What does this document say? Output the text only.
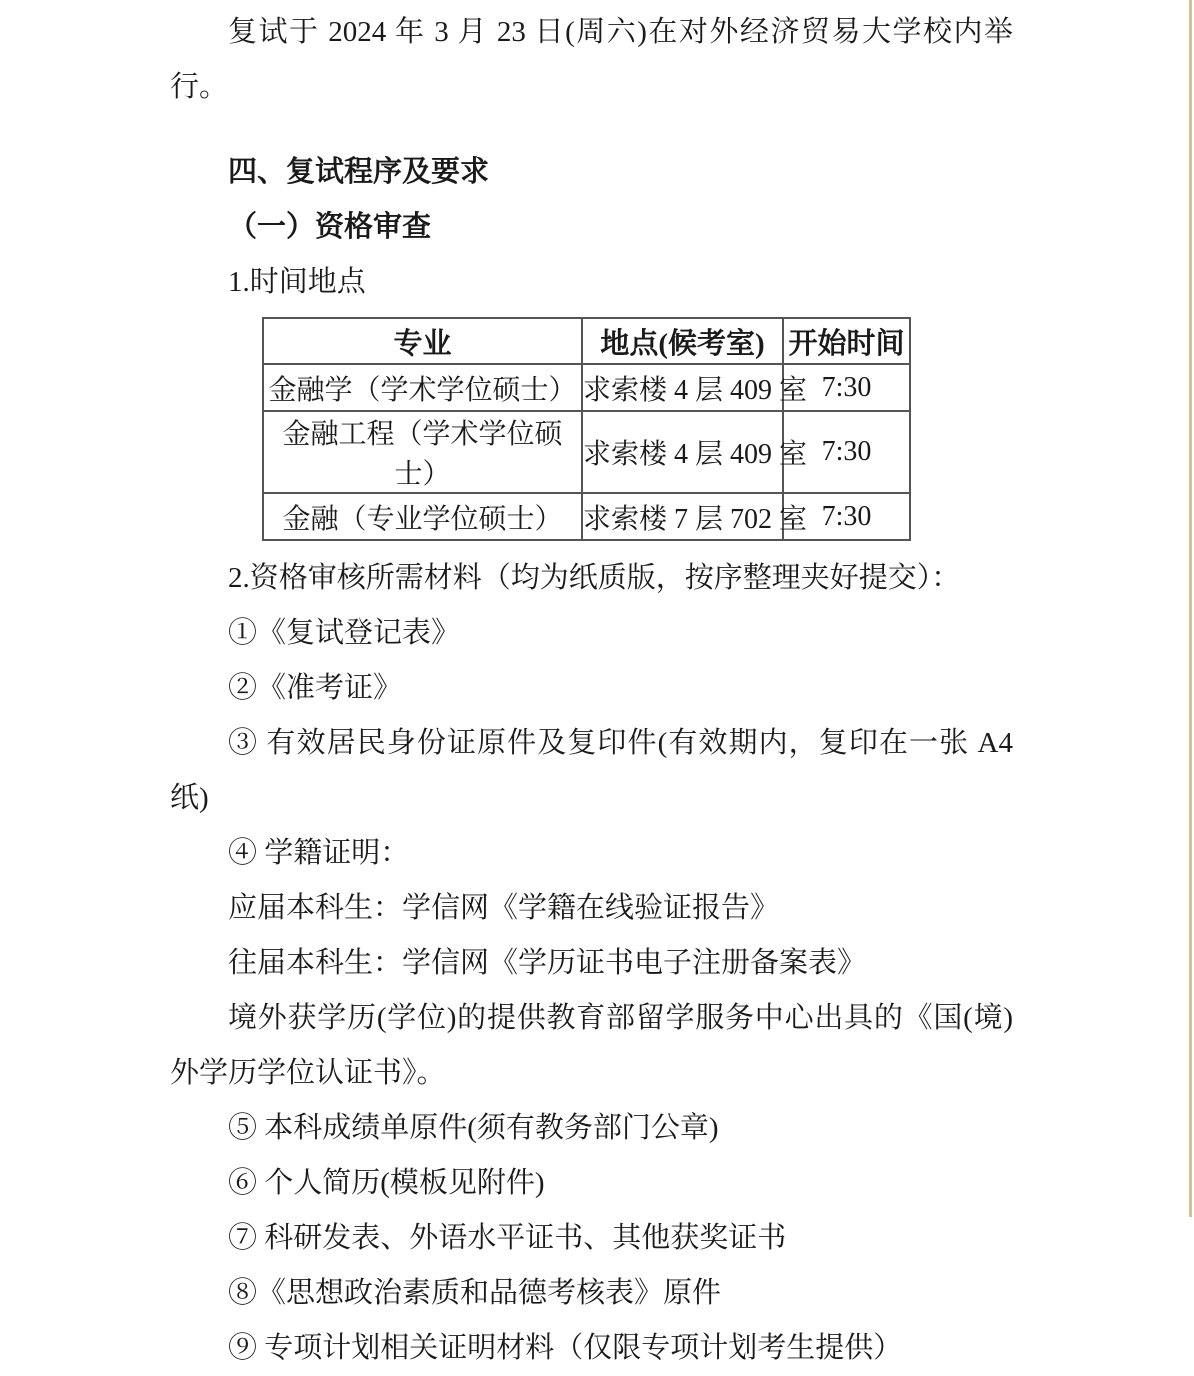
复试于 2024 年 3 月 23 日(周六)在对外经济贸易大学校内举行。

四、复试程序及要求

（一）资格审查

1.时间地点

专业	地点(候考室)	开始时间
金融学（学术学位硕士）	求索楼 4 层 409 室	7:30
金融工程（学术学位硕士）	求索楼 4 层 409 室	7:30
金融（专业学位硕士）	求索楼 7 层 702 室	7:30

2.资格审核所需材料（均为纸质版，按序整理夹好提交）：

①《复试登记表》

②《准考证》

③ 有效居民身份证原件及复印件(有效期内，复印在一张 A4 纸)

④ 学籍证明：

应届本科生：学信网《学籍在线验证报告》

往届本科生：学信网《学历证书电子注册备案表》

境外获学历(学位)的提供教育部留学服务中心出具的《国(境)外学历学位认证书》。

⑤ 本科成绩单原件(须有教务部门公章)

⑥ 个人简历(模板见附件)

⑦ 科研发表、外语水平证书、其他获奖证书

⑧《思想政治素质和品德考核表》原件

⑨ 专项计划相关证明材料（仅限专项计划考生提供）
